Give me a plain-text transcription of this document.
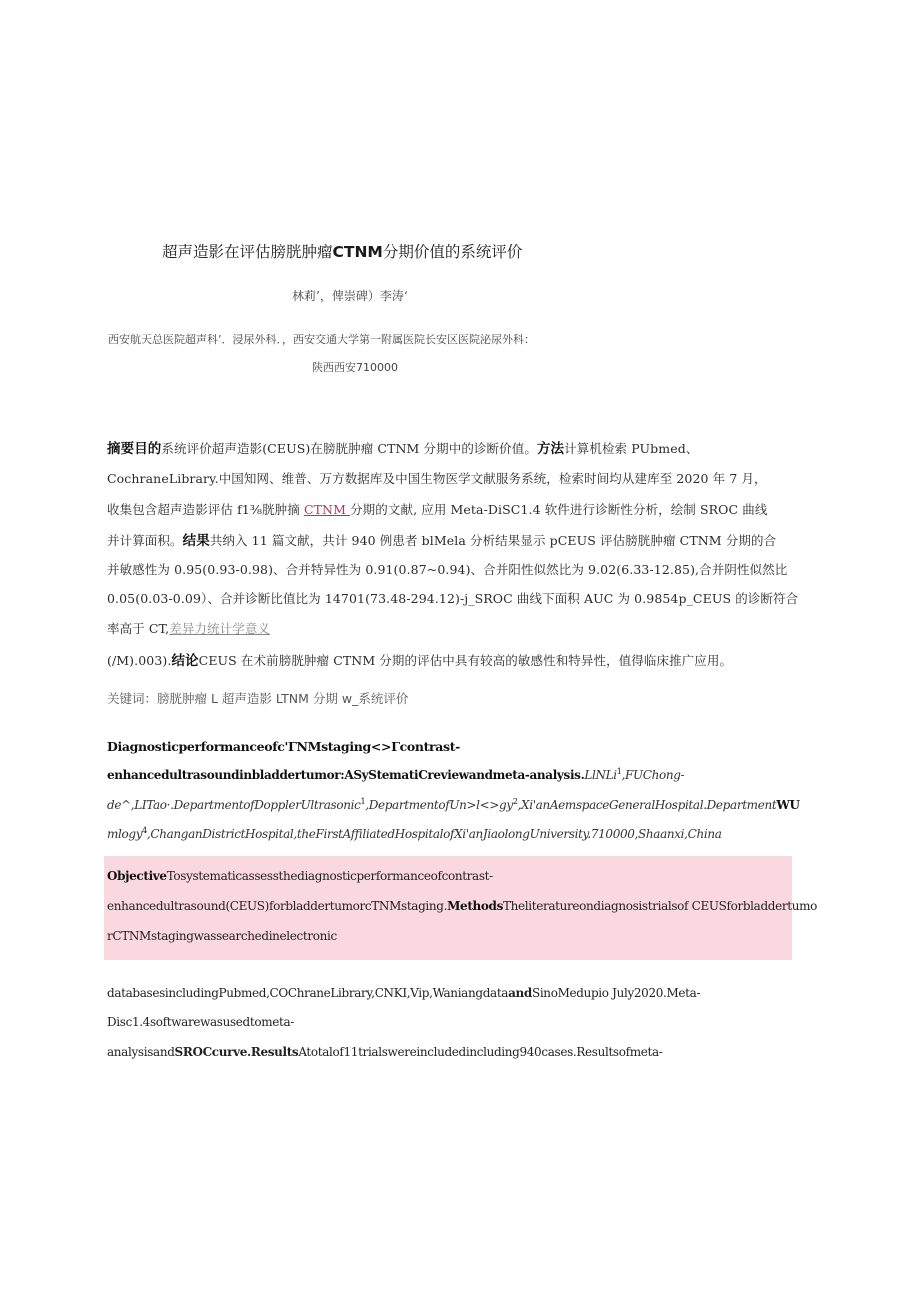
超声造影在评估膀胱肿瘤CTNM分期价值的系统评价
林莉’，俾崇碑）李涛‘
西安航天总医院超声科’．浸尿外科．，西安交通大学第一附属医院长安区医院泌尿外科：
陕西西安710000
摘要目的系统评价超声造影(CEUS)在膀胱肿瘤 CTNM 分期中的诊断价值。方法计算机检索 PUbmed、
CochraneLibrary.中国知网、维普、万方数据库及中国生物医学文献服务系统，检索时间均从建库至 2020 年 7 月，
收集包含超声造影评估 f1⅜胱肿摘 CTNM 分期的文献, 应用 Meta-DiSC1.4 软件进行诊断性分析，绘制 SROC 曲线
并计算面积。结果共纳入 11 篇文献，共计 940 例患者 blMela 分析结果显示 pCEUS 评估膀胱肿瘤 CTNM 分期的合
并敏感性为 0.95(0.93-0.98)、合并特异性为 0.91(0.87~0.94)、合并阳性似然比为 9.02(6.33-12.85),合并阴性似然比
0.05(0.03-0.09）、合并诊断比值比为 14701(73.48-294.12)-j_SROC 曲线下面积 AUC 为 0.9854p_CEUS 的诊断符合
率高于 CT,差异力统计学意义
(/M).003).结论CEUS 在术前膀胱肿瘤 CTNM 分期的评估中具有较高的敏感性和特异性，值得临床推广应用。
关键词：膀胱肿瘤 L 超声造影 LTNM 分期 w_系统评价
Diagnosticperformanceofc'ΓNMstaging<>Γcontrast-
enhancedultrasoundinbladdertumor:ASyStematiCreviewandmeta-analysis.LlNLi$^1$,FUChong-
$de\^{},LITao\cdot.DepartmentofDopplerUltrasonic^1,DepartmentofUn>l<>gy^2,Xi'anAemspaceGeneralHospital.DepartmentWU$
mlogy$^4$,ChanganDistrictHospital,theFirstAffiliatedHospitalofXi'anJiaolongUniversity.710000,Shaanxi,China
ObjectiveTosystematicassessthediagnosticperformanceofcontrast-
enhancedultrasound(CEUS)forbladdertumorcTNMstaging.MethodsTheliteratureondiagnosistrialsof CEUSforbladdertumo
rCTNMstagingwassearchedinelectronic
databasesincludingPubmed,COChraneLibrary,CNKI,Vip,WaniangdataandSinoMedupio July2020.Meta-
Disc1.4softwarewasusedtometa-
analysisandSROCcurve.ResultsAtotalof11trialswereincludedincluding940cases.Resultsofmeta-
